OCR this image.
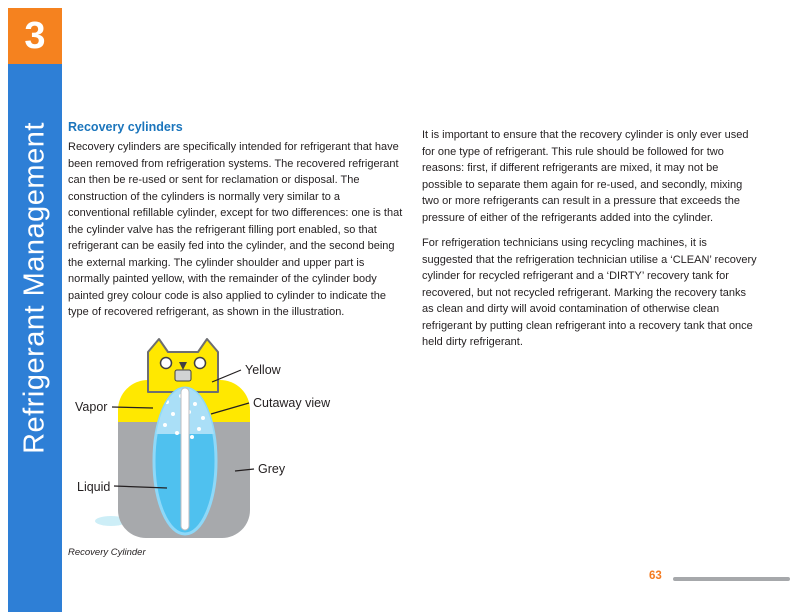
3
Refrigerant Management Recovery cylinders

Recovery cylinders are specifically intended for refrigerant that have been removed from refrigeration systems. The recovered refrigerant can then be re-used or sent for reclamation or disposal. The construction of the cylinders is normally very similar to a conventional refillable cylinder, except for two differences: one is that the cylinder valve has the refrigerant filling port enabled, so that refrigerant can be easily fed into the cylinder, and the second being the external marking. The cylinder shoulder and upper part is normally painted yellow, with the remainder of the cylinder body painted grey colour code is also applied to cylinder to indicate the type of recovered refrigerant, as shown in the illustration.

It is important to ensure that the recovery cylinder is only ever used for one type of refrigerant. This rule should be followed for two reasons: first, if different refrigerants are mixed, it may not be possible to separate them again for re-used, and secondly, mixing two or more refrigerants can result in a pressure that exceeds the pressure of either of the refrigerants added into the cylinder.

For refrigeration technicians using recycling machines, it is suggested that the refrigeration technician utilise a ‘CLEAN’ recovery cylinder for recycled refrigerant and a ‘DIRTY’ recovery tank for recovered, but not recycled refrigerant. Marking the recovery tanks as clean and dirty will avoid contamination of otherwise clean refrigerant by putting clean refrigerant into a recovery tank that once held dirty refrigerant.

Yellow
Cutaway view
Vapor
Liquid
Grey
Recovery Cylinder
63
